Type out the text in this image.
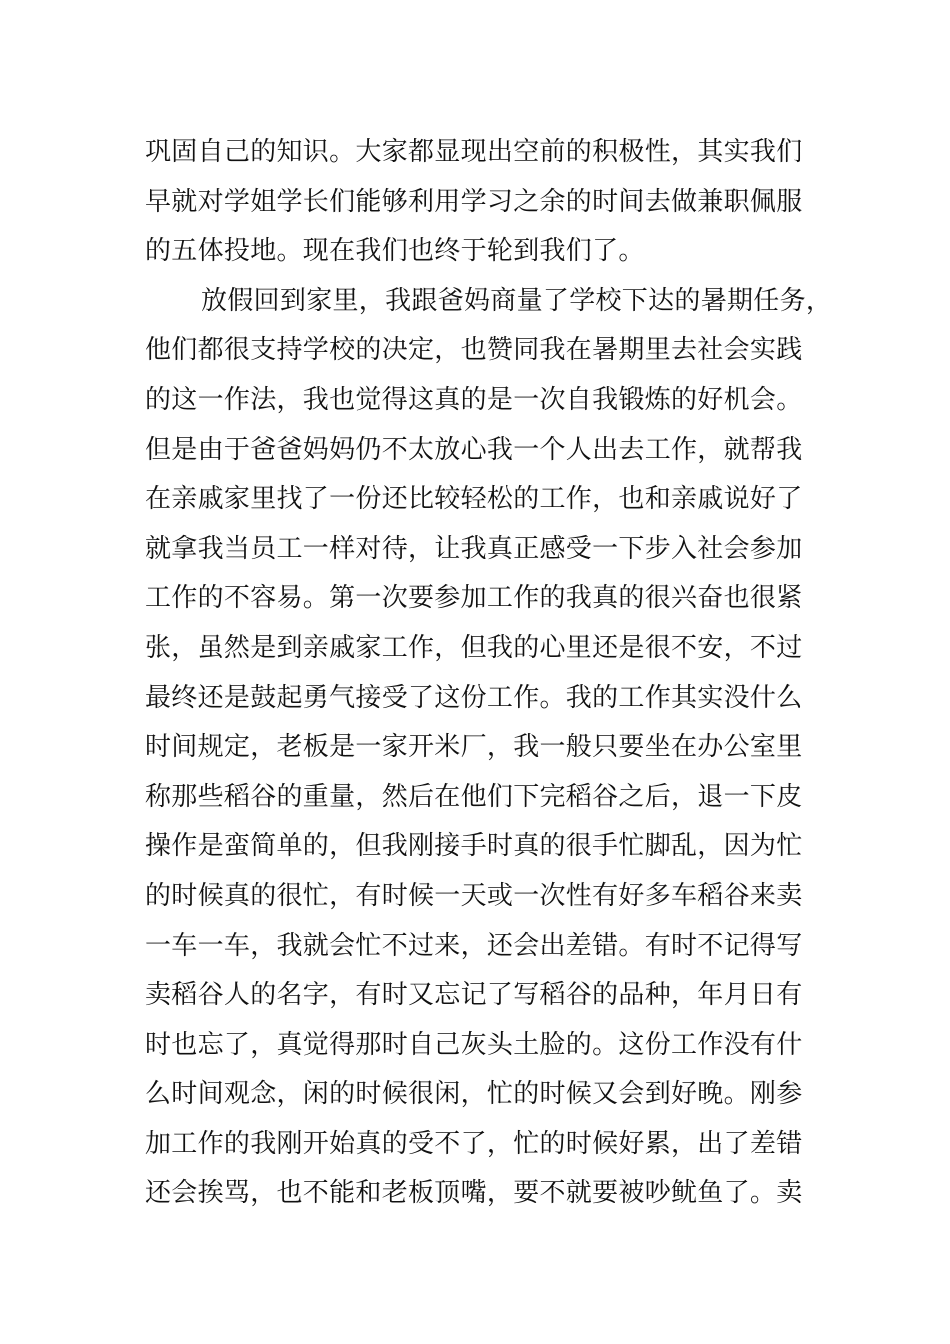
巩固自己的知识。大家都显现出空前的积极性，其实我们
早就对学姐学长们能够利用学习之余的时间去做兼职佩服
的五体投地。现在我们也终于轮到我们了。
放假回到家里，我跟爸妈商量了学校下达的暑期任务，
他们都很支持学校的决定，也赞同我在暑期里去社会实践
的这一作法，我也觉得这真的是一次自我锻炼的好机会。
但是由于爸爸妈妈仍不太放心我一个人出去工作，就帮我
在亲戚家里找了一份还比较轻松的工作，也和亲戚说好了
就拿我当员工一样对待，让我真正感受一下步入社会参加
工作的不容易。第一次要参加工作的我真的很兴奋也很紧
张，虽然是到亲戚家工作，但我的心里还是很不安，不过
最终还是鼓起勇气接受了这份工作。我的工作其实没什么
时间规定，老板是一家开米厂，我一般只要坐在办公室里
称那些稻谷的重量，然后在他们下完稻谷之后，退一下皮
操作是蛮简单的，但我刚接手时真的很手忙脚乱，因为忙
的时候真的很忙，有时候一天或一次性有好多车稻谷来卖
一车一车，我就会忙不过来，还会出差错。有时不记得写
卖稻谷人的名字，有时又忘记了写稻谷的品种，年月日有
时也忘了，真觉得那时自己灰头土脸的。这份工作没有什
么时间观念，闲的时候很闲，忙的时候又会到好晚。刚参
加工作的我刚开始真的受不了，忙的时候好累，出了差错
还会挨骂，也不能和老板顶嘴，要不就要被吵鱿鱼了。卖
